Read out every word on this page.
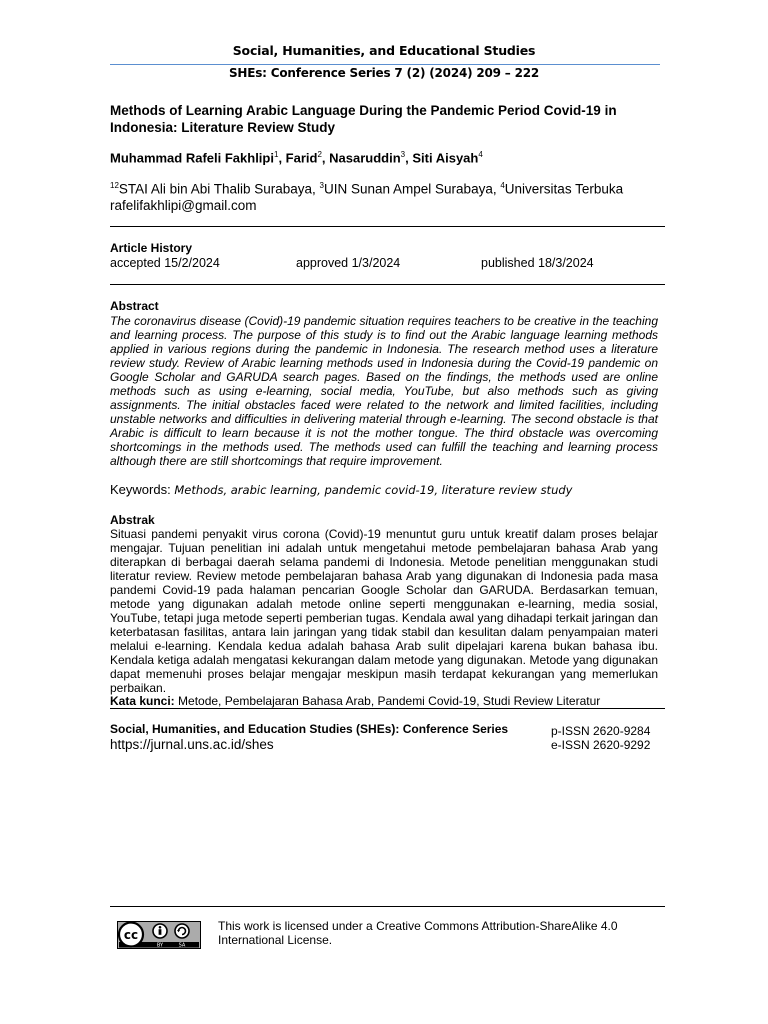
Social, Humanities, and Educational Studies
SHEs: Conference Series 7 (2) (2024) 209 – 222
Methods of Learning Arabic Language During the Pandemic Period Covid-19 in Indonesia: Literature Review Study
Muhammad Rafeli Fakhlipi$^1$, Farid$^2$, Nasaruddin$^3$, Siti Aisyah$^4$
$^{12}$STAI Ali bin Abi Thalib Surabaya, $^3$UIN Sunan Ampel Surabaya, $^4$Universitas Terbuka
rafelifakhlipi@gmail.com
Article History
accepted 15/2/2024	approved 1/3/2024	published 18/3/2024
Abstract
The coronavirus disease (Covid)-19 pandemic situation requires teachers to be creative in the teaching and learning process. The purpose of this study is to find out the Arabic language learning methods applied in various regions during the pandemic in Indonesia. The research method uses a literature review study. Review of Arabic learning methods used in Indonesia during the Covid-19 pandemic on Google Scholar and GARUDA search pages. Based on the findings, the methods used are online methods such as using e-learning, social media, YouTube, but also methods such as giving assignments. The initial obstacles faced were related to the network and limited facilities, including unstable networks and difficulties in delivering material through e-learning. The second obstacle is that Arabic is difficult to learn because it is not the mother tongue. The third obstacle was overcoming shortcomings in the methods used. The methods used can fulfill the teaching and learning process although there are still shortcomings that require improvement.
Keywords: Methods, arabic learning, pandemic covid-19, literature review study
Abstrak
Situasi pandemi penyakit virus corona (Covid)-19 menuntut guru untuk kreatif dalam proses belajar mengajar. Tujuan penelitian ini adalah untuk mengetahui metode pembelajaran bahasa Arab yang diterapkan di berbagai daerah selama pandemi di Indonesia. Metode penelitian menggunakan studi literatur review. Review metode pembelajaran bahasa Arab yang digunakan di Indonesia pada masa pandemi Covid-19 pada halaman pencarian Google Scholar dan GARUDA. Berdasarkan temuan, metode yang digunakan adalah metode online seperti menggunakan e-learning, media sosial, YouTube, tetapi juga metode seperti pemberian tugas. Kendala awal yang dihadapi terkait jaringan dan keterbatasan fasilitas, antara lain jaringan yang tidak stabil dan kesulitan dalam penyampaian materi melalui e-learning. Kendala kedua adalah bahasa Arab sulit dipelajari karena bukan bahasa ibu. Kendala ketiga adalah mengatasi kekurangan dalam metode yang digunakan. Metode yang digunakan dapat memenuhi proses belajar mengajar meskipun masih terdapat kekurangan yang memerlukan perbaikan.
Kata kunci: Metode, Pembelajaran Bahasa Arab, Pandemi Covid-19, Studi Review Literatur
Social, Humanities, and Education Studies (SHEs): Conference Series
https://jurnal.uns.ac.id/shes
p-ISSN 2620-9284
e-ISSN 2620-9292
cc
BY	SA
This work is licensed under a Creative Commons Attribution-ShareAlike 4.0 International License.
